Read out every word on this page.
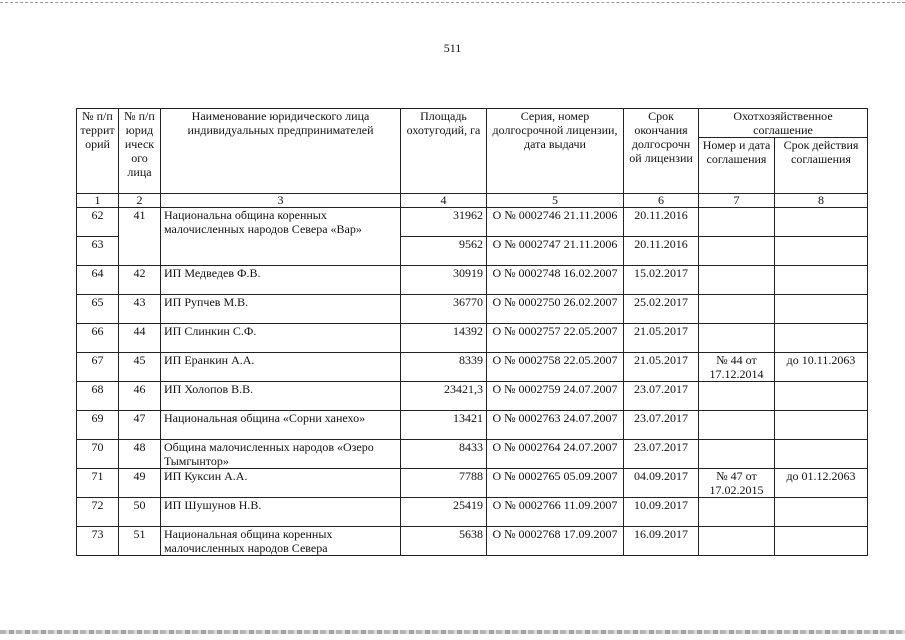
511
№ п/п террит орий	№ п/п юрид ическ ого лица	Наименование юридического лица индивидуальных предпринимателей	Площадь охотугодий, га	Серия, номер долгосрочной лицензии, дата выдачи	Срок окончания долгосрочн ой лицензии	Охотхозяйственное соглашение	
						Номер и дата соглашения	Срок действия соглашения
1	2	3	4	5	6	7	8
62	41	Национальна община коренных малочисленных народов Севера «Вар»	31962	О № 0002746 21.11.2006	20.11.2016		
63			9562	О № 0002747 21.11.2006	20.11.2016		
64	42	ИП Медведев Ф.В.	30919	О № 0002748 16.02.2007	15.02.2017		
65	43	ИП Рупчев М.В.	36770	О № 0002750 26.02.2007	25.02.2017		
66	44	ИП Слинкин С.Ф.	14392	О № 0002757 22.05.2007	21.05.2017		
67	45	ИП Еранкин А.А.	8339	О № 0002758 22.05.2007	21.05.2017	№ 44 от 17.12.2014	до 10.11.2063
68	46	ИП Холопов В.В.	23421,3	О № 0002759 24.07.2007	23.07.2017		
69	47	Национальная община «Сорни ханехо»	13421	О № 0002763 24.07.2007	23.07.2017		
70	48	Община малочисленных народов «Озеро Тымгынтор»	8433	О № 0002764 24.07.2007	23.07.2017		
71	49	ИП Куксин А.А.	7788	О № 0002765 05.09.2007	04.09.2017	№ 47 от 17.02.2015	до 01.12.2063
72	50	ИП Шушунов Н.В.	25419	О № 0002766 11.09.2007	10.09.2017		
73	51	Национальная община коренных малочисленных народов Севера	5638	О № 0002768 17.09.2007	16.09.2017		
